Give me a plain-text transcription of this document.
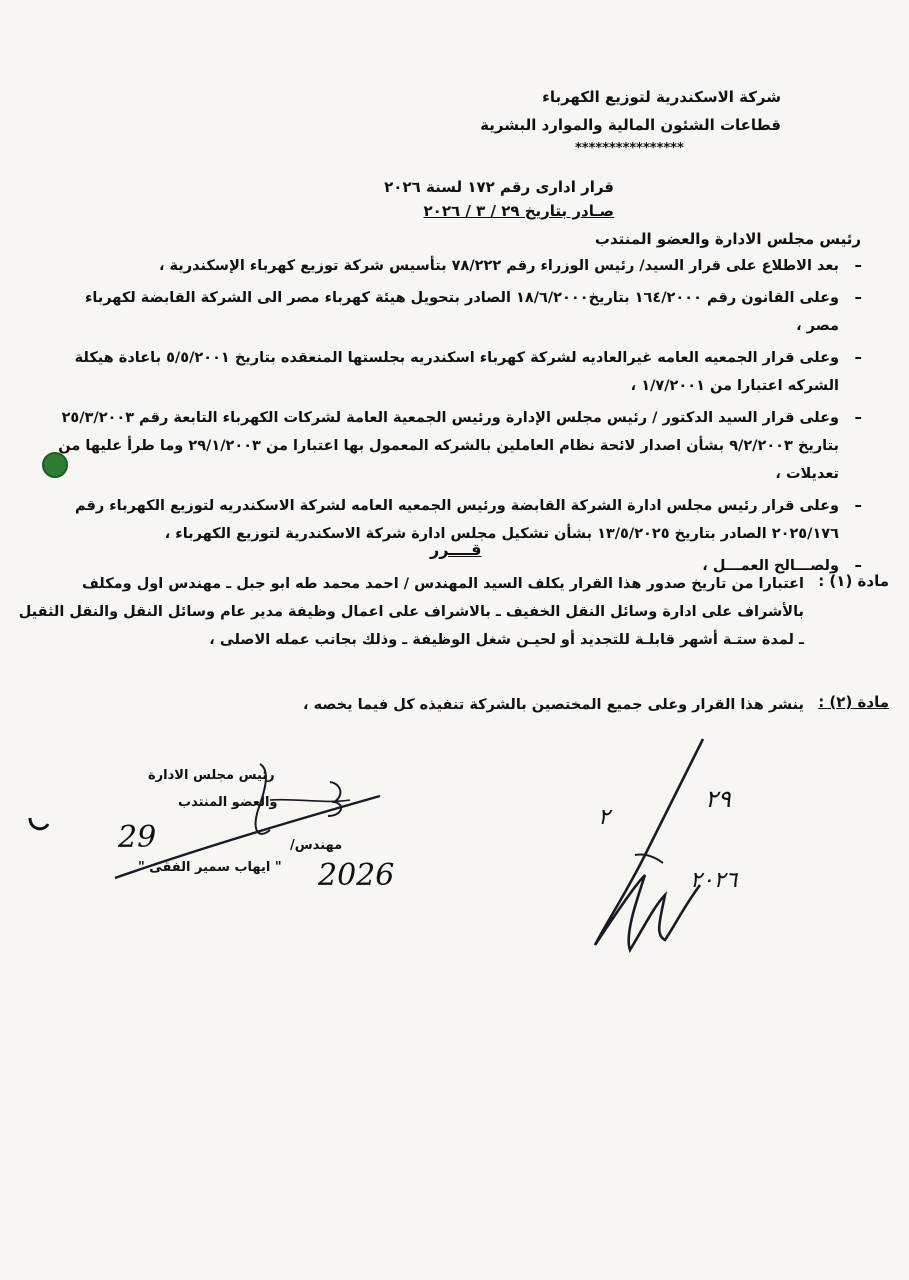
شركة الاسكندرية لتوزيع الكهرباء
قطاعات الشئون المالية والموارد البشرية
****************
قرار ادارى رقم ١٧٢ لسنة ٢٠٢٦
صـادر بتاريخ ٢٩ / ٣ / ٢٠٢٦
رئيس مجلس الادارة والعضو المنتدب
ـ
بعد الاطلاع على قرار السيد/ رئيس الوزراء رقم ٧٨/٢٢٢ بتأسيس شركة توزيع كهرباء الإسكندرية ،
ـ
وعلى القانون رقم ١٦٤/٢٠٠٠ بتاريخ١٨/٦/٢٠٠٠ الصادر بتحويل هيئة كهرباء مصر الى الشركة القابضة لكهرباء مصر ،
ـ
وعلى قرار الجمعيه العامه غيرالعاديه لشركة كهرباء اسكندريه بجلستها المنعقده بتاريخ ٥/٥/٢٠٠١ باعادة هيكلة الشركه اعتبارا من ١/٧/٢٠٠١ ،
ـ
وعلى قرار السيد الدكتور / رئيس مجلس الإدارة ورئيس الجمعية العامة لشركات الكهرباء التابعة رقم ٢٥/٣/٢٠٠٣ بتاريخ ٩/٢/٢٠٠٣ بشأن اصدار لائحة نظام العاملين بالشركه المعمول بها اعتبارا من ٢٩/١/٢٠٠٣ وما طرأ عليها من تعديلات ،
ـ
وعلى قرار رئيس مجلس ادارة الشركة القابضة ورئيس الجمعيه العامه لشركة الاسكندريه لتوزيع الكهرباء رقم ٢٠٢٥/١٧٦ الصادر بتاريخ ١٣/٥/٢٠٢٥ بشأن تشكيل مجلس ادارة شركة الاسكندرية لتوزيع الكهرباء ،
ـ
ولصـــالح العمـــل ،
قــــرر
مادة (١) :
اعتبارا من تاريخ صدور هذا القرار يكلف السيد المهندس / احمد محمد طه ابو جبل ـ مهندس اول ومكلف بالأشراف على ادارة وسائل النقل الخفيف ـ بالاشراف على اعمال وظيفة مدير عام وسائل النقل والنقل الثقيل ـ لمدة ستـة أشهر قابلـة للتجديد أو لحيـن شغل الوظيفة ـ وذلك بجانب عمله الاصلى ،
مادة (٢) :
ينشر هذا القرار وعلى جميع المختصين بالشركة تنفيذه كل فيما يخصه ،
رئيس مجلس الادارة
والعضو المنتدب
مهندس/
" ايهاب سمير الفقى "
29
2026
٢٩
٢
٢٠٢٦
